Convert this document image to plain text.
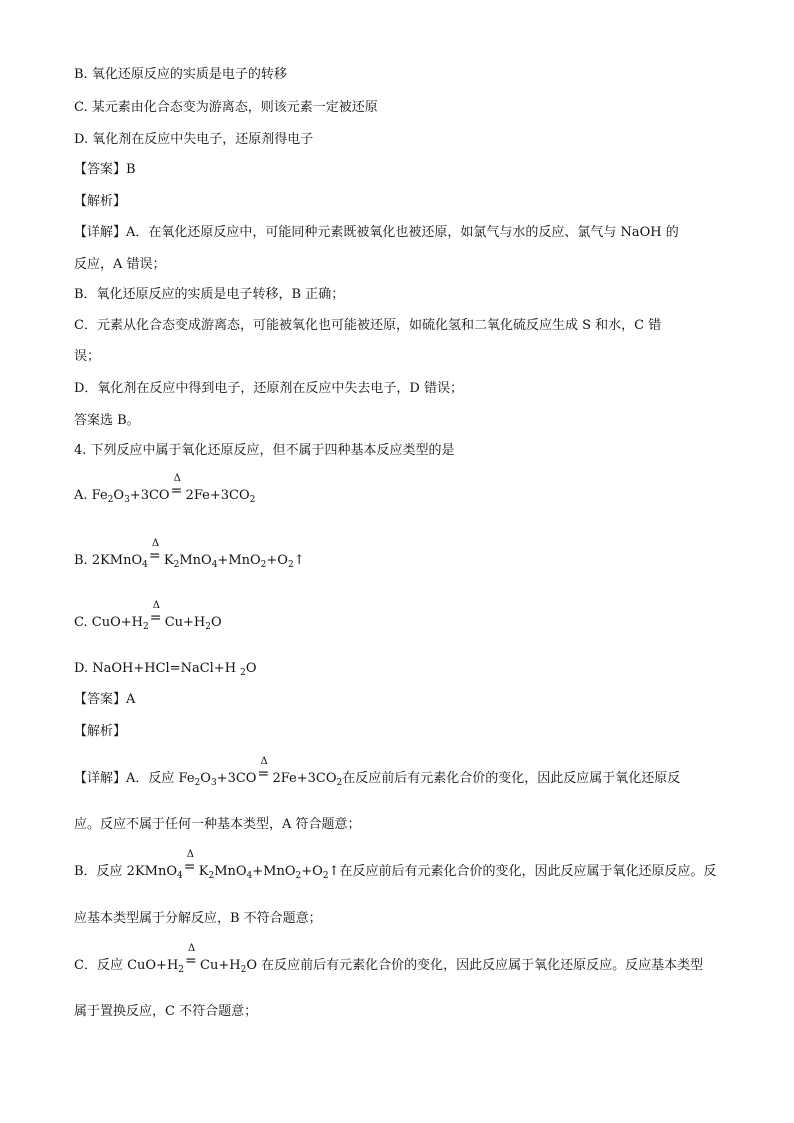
B. 氧化还原反应的实质是电子的转移
C. 某元素由化合态变为游离态，则该元素一定被还原
D. 氧化剂在反应中失电子，还原剂得电子
【答案】B
【解析】
【详解】A．在氧化还原反应中，可能同种元素既被氧化也被还原，如氯气与水的反应、氯气与 NaOH 的
反应，A 错误；
B．氧化还原反应的实质是电子转移，B 正确；
C．元素从化合态变成游离态，可能被氧化也可能被还原，如硫化氢和二氧化硫反应生成 S 和水，C 错
误；
D．氧化剂在反应中得到电子，还原剂在反应中失去电子，D 错误；
答案选 B。
4. 下列反应中属于氧化还原反应，但不属于四种基本反应类型的是
A. $Fe_2O_3+3CO$
Δ
= $2Fe+3CO_2$
B. 2KMnO$_4$
Δ
= $K_2MnO_4+MnO_2+O_2↑$
C. $CuO+H_2$
Δ
= $Cu+H_2O$
D. NaOH+HCl=NaCl+H $_2$O
【答案】A
【解析】
【详解】A．反应 $Fe_2O_3+3CO$
Δ
= $2Fe+3CO_2$在反应前后有元素化合价的变化，因此反应属于氧化还原反
应。反应不属于任何一种基本类型，A 符合题意；
B．反应 2KMnO$_4$
Δ
= $K_2MnO_4+MnO_2+O_2↑$在反应前后有元素化合价的变化，因此反应属于氧化还原反应。反
应基本类型属于分解反应，B 不符合题意；
C．反应 $CuO+H_2$
Δ
= $Cu+H_2O$ 在反应前后有元素化合价的变化，因此反应属于氧化还原反应。反应基本类型
属于置换反应，C 不符合题意；
